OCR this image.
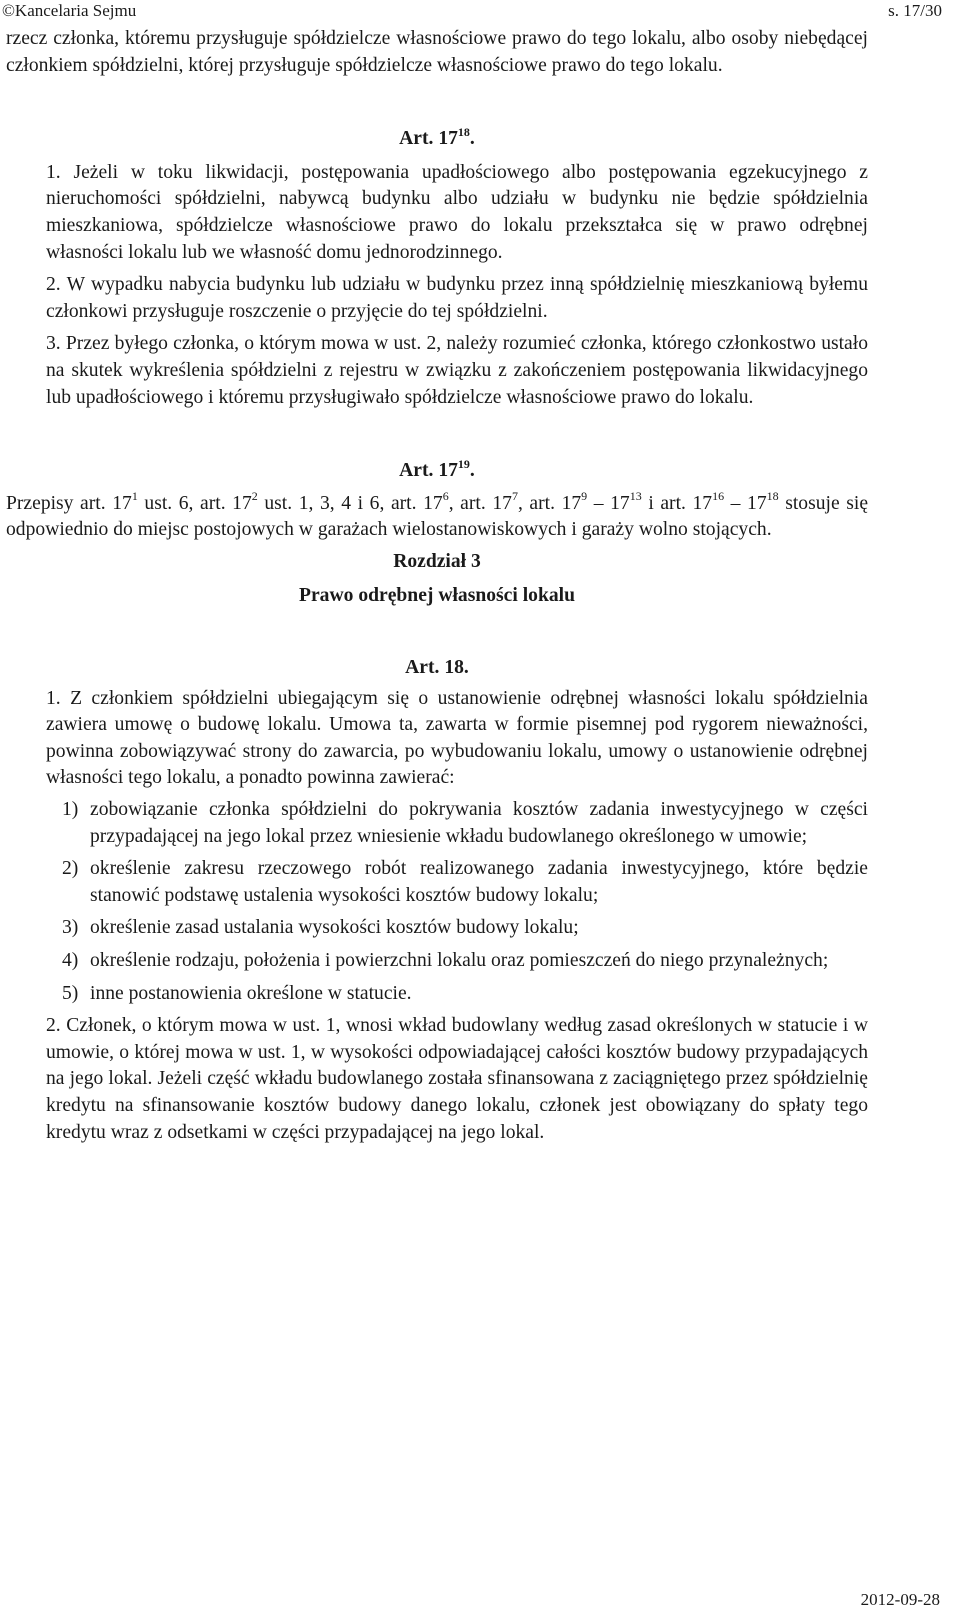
©Kancelaria Sejmu	s. 17/30

rzecz członka, któremu przysługuje spółdzielcze własnościowe prawo do tego lokalu, albo osoby niebędącej członkiem spółdzielni, której przysługuje spółdzielcze własnościowe prawo do tego lokalu.

Art. $17^{18}$.

1. Jeżeli w toku likwidacji, postępowania upadłościowego albo postępowania egzekucyjnego z nieruchomości spółdzielni, nabywcą budynku albo udziału w budynku nie będzie spółdzielnia mieszkaniowa, spółdzielcze własnościowe prawo do lokalu przekształca się w prawo odrębnej własności lokalu lub we własność domu jednorodzinnego.

2. W wypadku nabycia budynku lub udziału w budynku przez inną spółdzielnię mieszkaniową byłemu członkowi przysługuje roszczenie o przyjęcie do tej spółdzielni.

3. Przez byłego członka, o którym mowa w ust. 2, należy rozumieć członka, którego członkostwo ustało na skutek wykreślenia spółdzielni z rejestru w związku z zakończeniem postępowania likwidacyjnego lub upadłościowego i któremu przysługiwało spółdzielcze własnościowe prawo do lokalu.

Art. $17^{19}$.

Przepisy art. $17^1$ ust. 6, art. $17^2$ ust. 1, 3, 4 i 6, art. $17^6$, art. $17^7$, art. $17^9 - 17^{13}$ i art. $17^{16} - 17^{18}$ stosuje się odpowiednio do miejsc postojowych w garażach wielostanowiskowych i garaży wolno stojących.

Rozdział 3
Prawo odrębnej własności lokalu
Art. 18.

1. Z członkiem spółdzielni ubiegającym się o ustanowienie odrębnej własności lokalu spółdzielnia zawiera umowę o budowę lokalu. Umowa ta, zawarta w formie pisemnej pod rygorem nieważności, powinna zobowiązywać strony do zawarcia, po wybudowaniu lokalu, umowy o ustanowienie odrębnej własności tego lokalu, a ponadto powinna zawierać:

1) zobowiązanie członka spółdzielni do pokrywania kosztów zadania inwestycyjnego w części przypadającej na jego lokal przez wniesienie wkładu budowlanego określonego w umowie;
2) określenie zakresu rzeczowego robót realizowanego zadania inwestycyjnego, które będzie stanowić podstawę ustalenia wysokości kosztów budowy lokalu;
3) określenie zasad ustalania wysokości kosztów budowy lokalu;
4) określenie rodzaju, położenia i powierzchni lokalu oraz pomieszczeń do niego przynależnych;
5) inne postanowienia określone w statucie.

2. Członek, o którym mowa w ust. 1, wnosi wkład budowlany według zasad określonych w statucie i w umowie, o której mowa w ust. 1, w wysokości odpowiadającej całości kosztów budowy przypadających na jego lokal. Jeżeli część wkładu budowlanego została sfinansowana z zaciągniętego przez spółdzielnię kredytu na sfinansowanie kosztów budowy danego lokalu, członek jest obowiązany do spłaty tego kredytu wraz z odsetkami w części przypadającej na jego lokal.

2012-09-28
